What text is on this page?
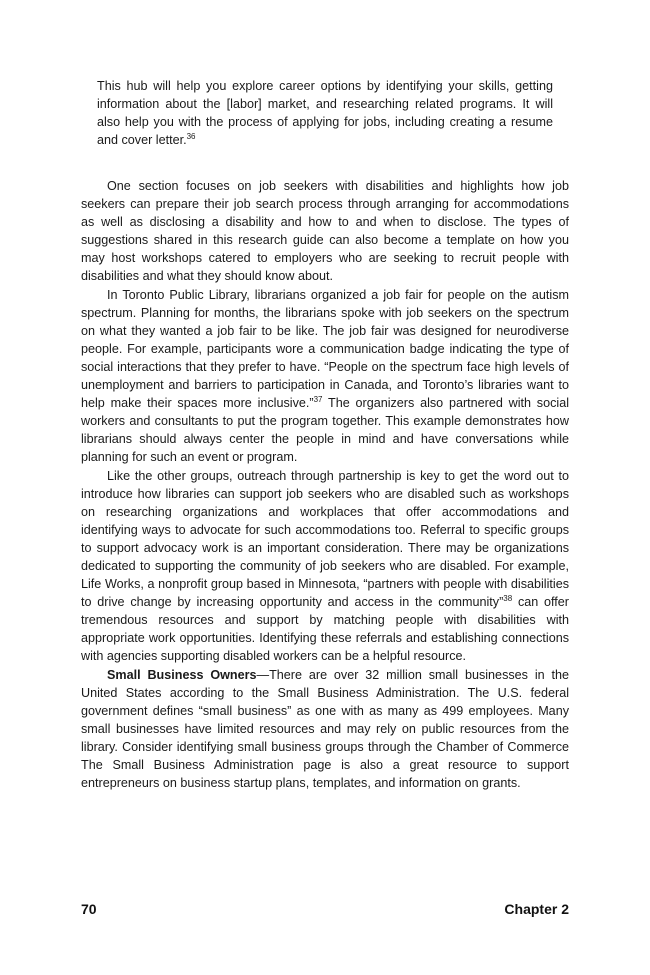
This hub will help you explore career options by identifying your skills, getting information about the [labor] market, and researching related programs. It will also help you with the process of applying for jobs, including creating a resume and cover letter.$^{36}$

One section focuses on job seekers with disabilities and highlights how job seekers can prepare their job search process through arranging for accommodations as well as disclosing a disability and how to and when to disclose. The types of suggestions shared in this research guide can also become a template on how you may host workshops catered to employers who are seeking to recruit people with disabilities and what they should know about.

In Toronto Public Library, librarians organized a job fair for people on the autism spectrum. Planning for months, the librarians spoke with job seekers on the spectrum on what they wanted a job fair to be like. The job fair was designed for neurodiverse people. For example, participants wore a communication badge indicating the type of social interactions that they prefer to have. “People on the spectrum face high levels of unemployment and barriers to participation in Canada, and Toronto’s libraries want to help make their spaces more inclusive.”$^{37}$ The organizers also partnered with social workers and consultants to put the program together. This example demonstrates how librarians should always center the people in mind and have conversations while planning for such an event or program.

Like the other groups, outreach through partnership is key to get the word out to introduce how libraries can support job seekers who are disabled such as workshops on researching organizations and workplaces that offer accommodations and identifying ways to advocate for such accommodations too. Referral to specific groups to support advocacy work is an important consideration. There may be organizations dedicated to supporting the community of job seekers who are disabled. For example, Life Works, a nonprofit group based in Minnesota, “partners with people with disabilities to drive change by increasing opportunity and access in the community”$^{38}$ can offer tremendous resources and support by matching people with disabilities with appropriate work opportunities. Identifying these referrals and establishing connections with agencies supporting disabled workers can be a helpful resource.

Small Business Owners—There are over 32 million small businesses in the United States according to the Small Business Administration. The U.S. federal government defines “small business” as one with as many as 499 employees. Many small businesses have limited resources and may rely on public resources from the library. Consider identifying small business groups through the Chamber of Commerce The Small Business Administration page is also a great resource to support entrepreneurs on business startup plans, templates, and information on grants.

70	Chapter 2
